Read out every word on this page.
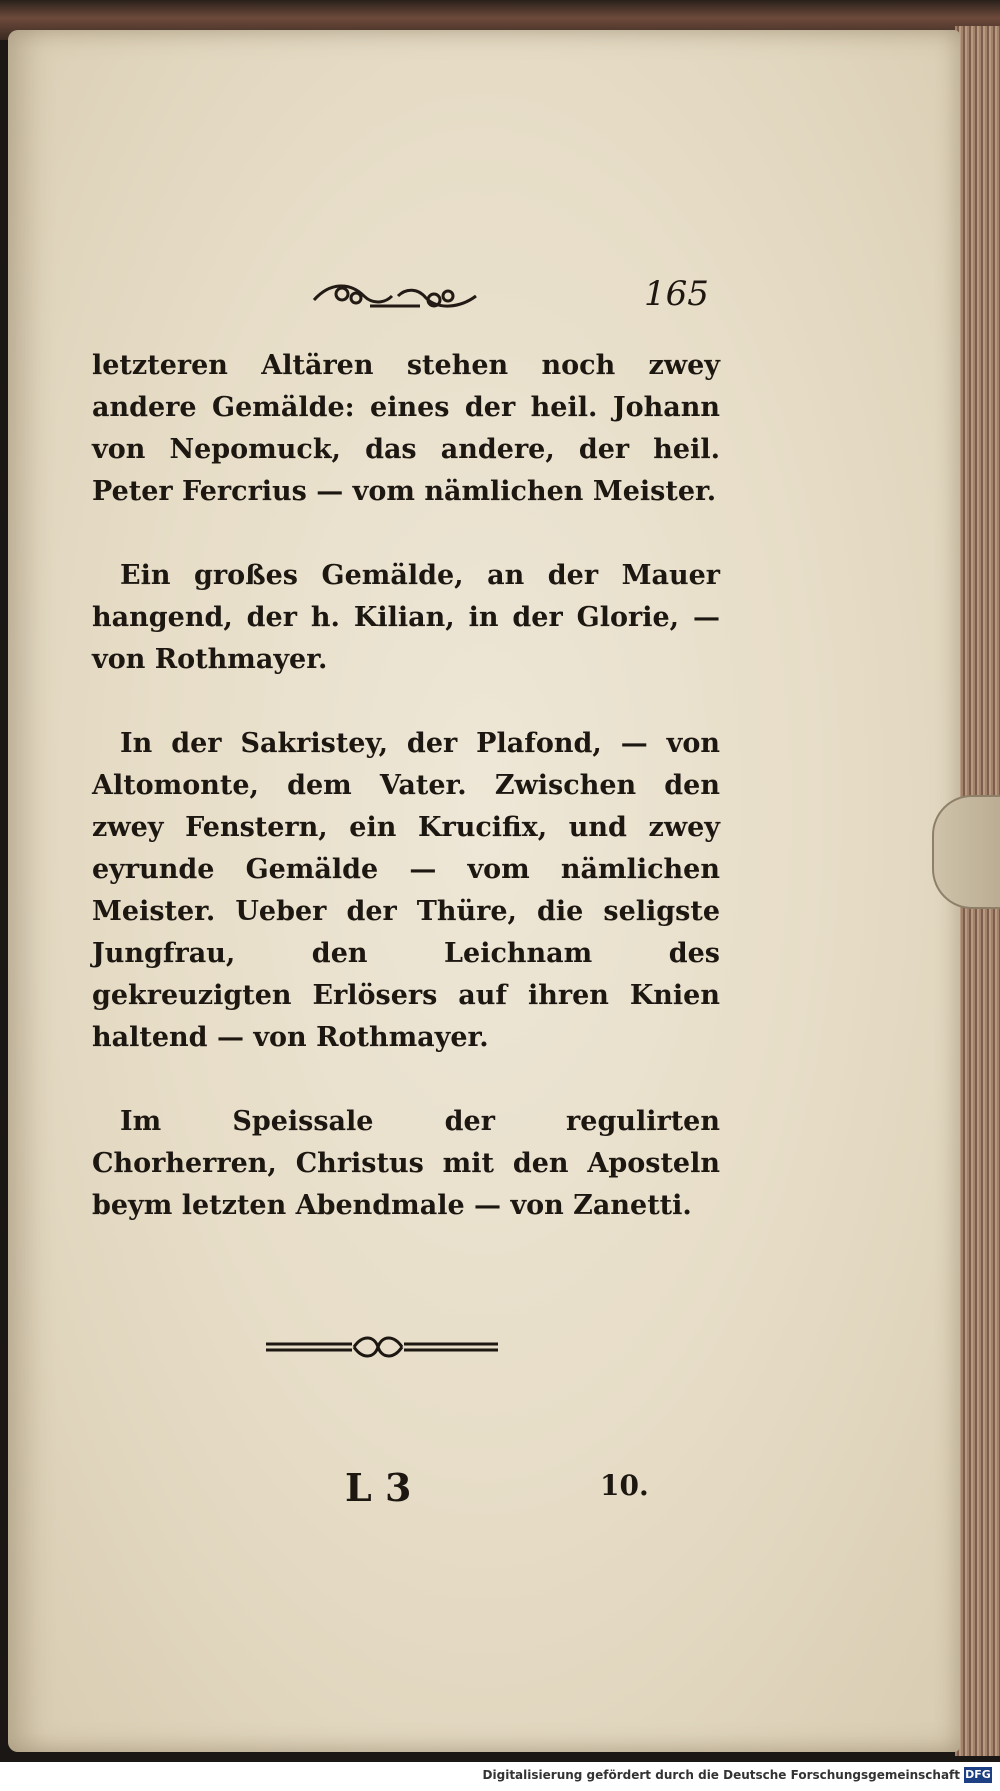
165

letzteren Altären stehen noch zwey andere Gemälde: eines der heil. Johann von Nepomuck, das andere, der heil. Peter Fercrius — vom nämlichen Meister.

Ein großes Gemälde, an der Mauer hangend, der h. Kilian, in der Glorie, — von Rothmayer.

In der Sakristey, der Plafond, — von Altomonte, dem Vater. Zwischen den zwey Fenstern, ein Krucifix, und zwey eyrunde Gemälde — vom nämlichen Meister. Ueber der Thüre, die seligste Jungfrau, den Leichnam des gekreuzigten Erlösers auf ihren Knien haltend — von Rothmayer.

Im Speissale der regulirten Chorherren, Christus mit den Aposteln beym letzten Abendmale — von Zanetti.

L 3	10.
Digitalisierung gefördert durch die Deutsche Forschungsgemeinschaft DFG
